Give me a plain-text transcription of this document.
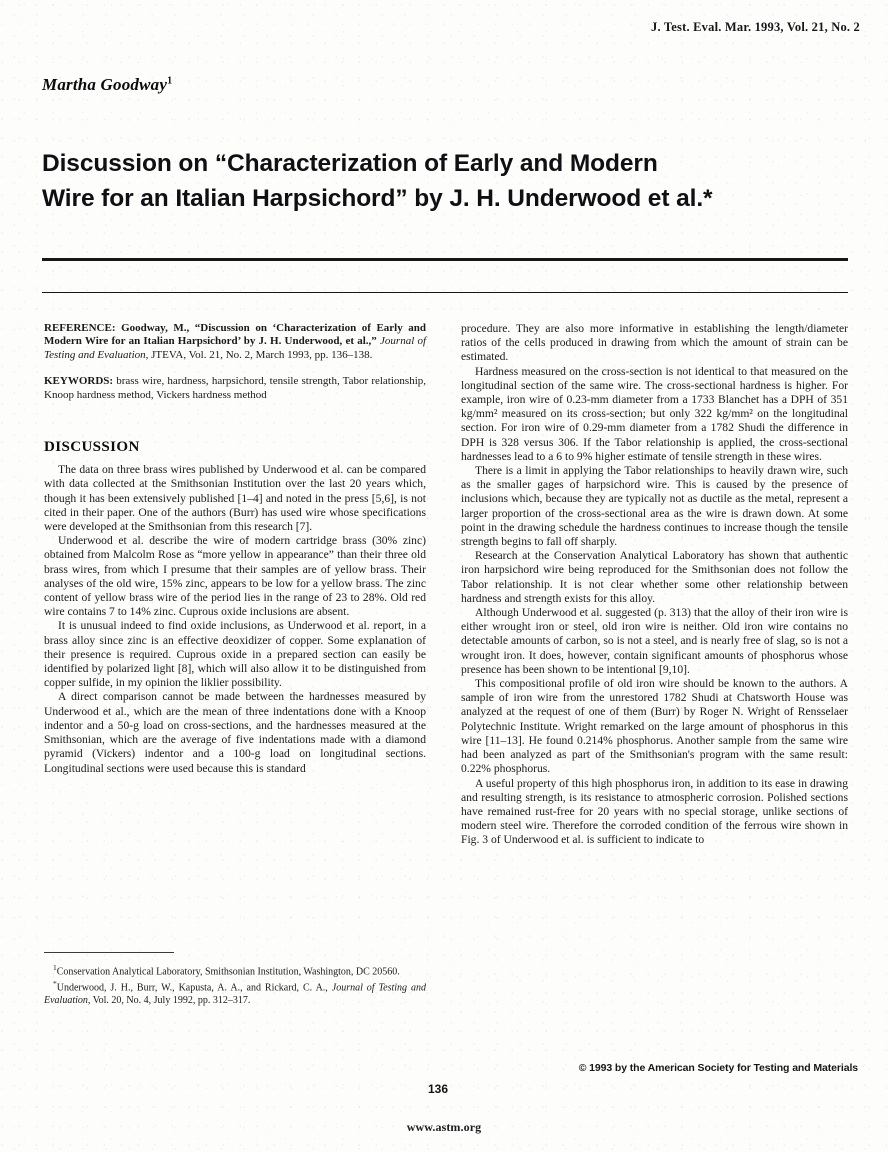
J. Test. Eval. Mar. 1993, Vol. 21, No. 2
Martha Goodway$^1$
Discussion on “Characterization of Early and Modern
Wire for an Italian Harpsichord” by J. H. Underwood et al.*
REFERENCE: Goodway, M., “Discussion on ‘Characterization of Early and Modern Wire for an Italian Harpsichord’ by J. H. Underwood, et al.,” Journal of Testing and Evaluation, JTEVA, Vol. 21, No. 2, March 1993, pp. 136–138.
KEYWORDS: brass wire, hardness, harpsichord, tensile strength, Tabor relationship, Knoop hardness method, Vickers hardness method
DISCUSSION

The data on three brass wires published by Underwood et al. can be compared with data collected at the Smithsonian Institution over the last 20 years which, though it has been extensively published [1–4] and noted in the press [5,6], is not cited in their paper. One of the authors (Burr) has used wire whose specifications were developed at the Smithsonian from this research [7].

Underwood et al. describe the wire of modern cartridge brass (30% zinc) obtained from Malcolm Rose as “more yellow in appearance” than their three old brass wires, from which I presume that their samples are of yellow brass. Their analyses of the old wire, 15% zinc, appears to be low for a yellow brass. The zinc content of yellow brass wire of the period lies in the range of 23 to 28%. Old red wire contains 7 to 14% zinc. Cuprous oxide inclusions are absent.

It is unusual indeed to find oxide inclusions, as Underwood et al. report, in a brass alloy since zinc is an effective deoxidizer of copper. Some explanation of their presence is required. Cuprous oxide in a prepared section can easily be identified by polarized light [8], which will also allow it to be distinguished from copper sulfide, in my opinion the liklier possibility.

A direct comparison cannot be made between the hardnesses measured by Underwood et al., which are the mean of three indentations done with a Knoop indentor and a 50-g load on cross-sections, and the hardnesses measured at the Smithsonian, which are the average of five indentations made with a diamond pyramid (Vickers) indentor and a 100-g load on longitudinal sections. Longitudinal sections were used because this is standard

$^1$Conservation Analytical Laboratory, Smithsonian Institution, Washington, DC 20560.

*Underwood, J. H., Burr, W., Kapusta, A. A., and Rickard, C. A., Journal of Testing and Evaluation, Vol. 20, No. 4, July 1992, pp. 312–317.

procedure. They are also more informative in establishing the length/diameter ratios of the cells produced in drawing from which the amount of strain can be estimated.

Hardness measured on the cross-section is not identical to that measured on the longitudinal section of the same wire. The cross-sectional hardness is higher. For example, iron wire of 0.23-mm diameter from a 1733 Blanchet has a DPH of 351 kg/mm² measured on its cross-section; but only 322 kg/mm² on the longitudinal section. For iron wire of 0.29-mm diameter from a 1782 Shudi the difference in DPH is 328 versus 306. If the Tabor relationship is applied, the cross-sectional hardnesses lead to a 6 to 9% higher estimate of tensile strength in these wires.

There is a limit in applying the Tabor relationships to heavily drawn wire, such as the smaller gages of harpsichord wire. This is caused by the presence of inclusions which, because they are typically not as ductile as the metal, represent a larger proportion of the cross-sectional area as the wire is drawn down. At some point in the drawing schedule the hardness continues to increase though the tensile strength begins to fall off sharply.

Research at the Conservation Analytical Laboratory has shown that authentic iron harpsichord wire being reproduced for the Smithsonian does not follow the Tabor relationship. It is not clear whether some other relationship between hardness and strength exists for this alloy.

Although Underwood et al. suggested (p. 313) that the alloy of their iron wire is either wrought iron or steel, old iron wire is neither. Old iron wire contains no detectable amounts of carbon, so is not a steel, and is nearly free of slag, so is not a wrought iron. It does, however, contain significant amounts of phosphorus whose presence has been shown to be intentional [9,10].

This compositional profile of old iron wire should be known to the authors. A sample of iron wire from the unrestored 1782 Shudi at Chatsworth House was analyzed at the request of one of them (Burr) by Roger N. Wright of Rensselaer Polytechnic Institute. Wright remarked on the large amount of phosphorus in this wire [11–13]. He found 0.214% phosphorus. Another sample from the same wire had been analyzed as part of the Smithsonian's program with the same result: 0.22% phosphorus.

A useful property of this high phosphorus iron, in addition to its ease in drawing and resulting strength, is its resistance to atmospheric corrosion. Polished sections have remained rust-free for 20 years with no special storage, unlike sections of modern steel wire. Therefore the corroded condition of the ferrous wire shown in Fig. 3 of Underwood et al. is sufficient to indicate to

© 1993 by the American Society for Testing and Materials
136
www.astm.org
